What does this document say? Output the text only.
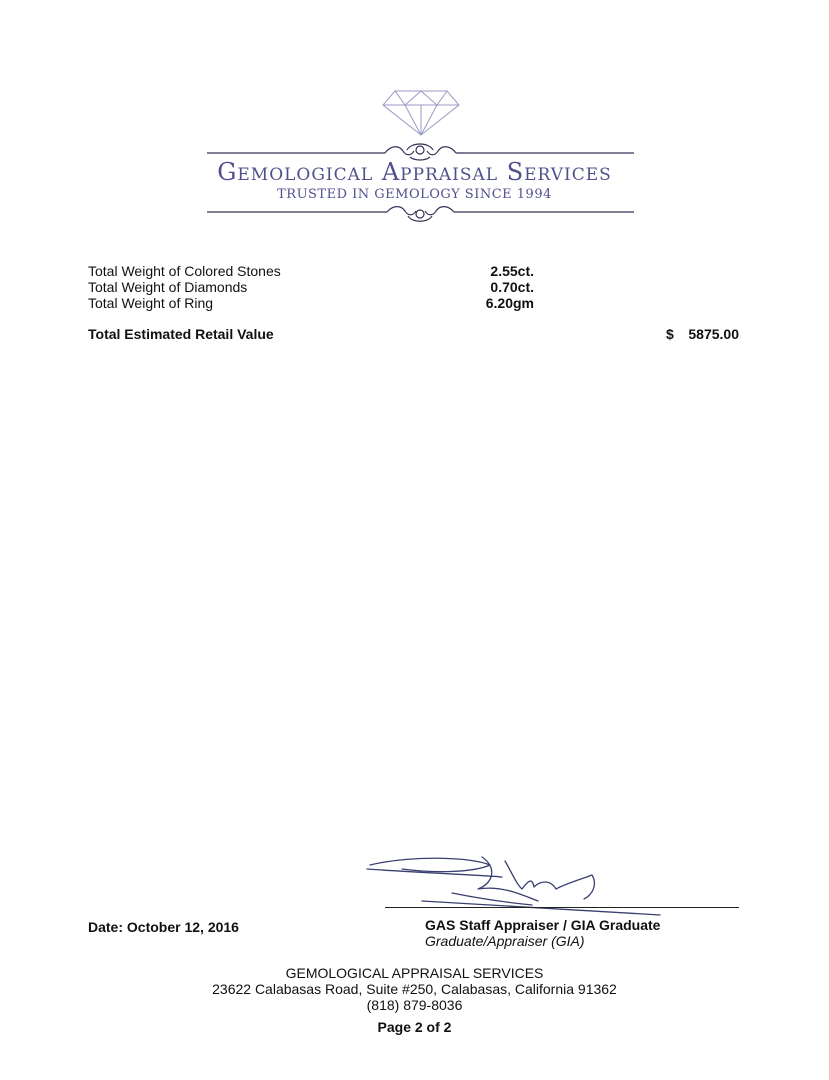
Gemological Appraisal Services
TRUSTED IN GEMOLOGY SINCE 1994
Total Weight of Colored Stones	2.55ct.
Total Weight of Diamonds	0.70ct.
Total Weight of Ring	6.20gm
Total Estimated Retail Value	$	5875.00
Date: October 12, 2016	GAS Staff Appraiser / GIA Graduate
Graduate/Appraiser (GIA)
GEMOLOGICAL APPRAISAL SERVICES
23622 Calabasas Road, Suite #250, Calabasas, California 91362
(818) 879-8036
Page 2 of 2
